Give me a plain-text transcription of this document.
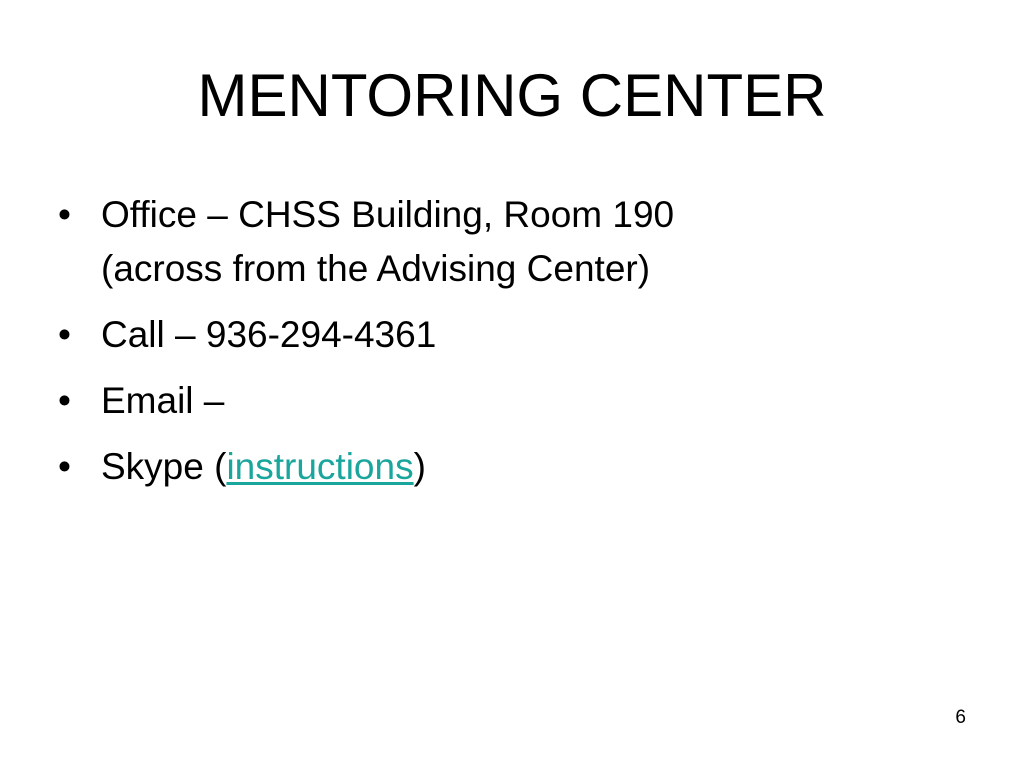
MENTORING CENTER
• Office – CHSS Building, Room 190
(across from the Advising Center)
• Call – 936-294-4361
• Email –
• Skype (instructions)
6
